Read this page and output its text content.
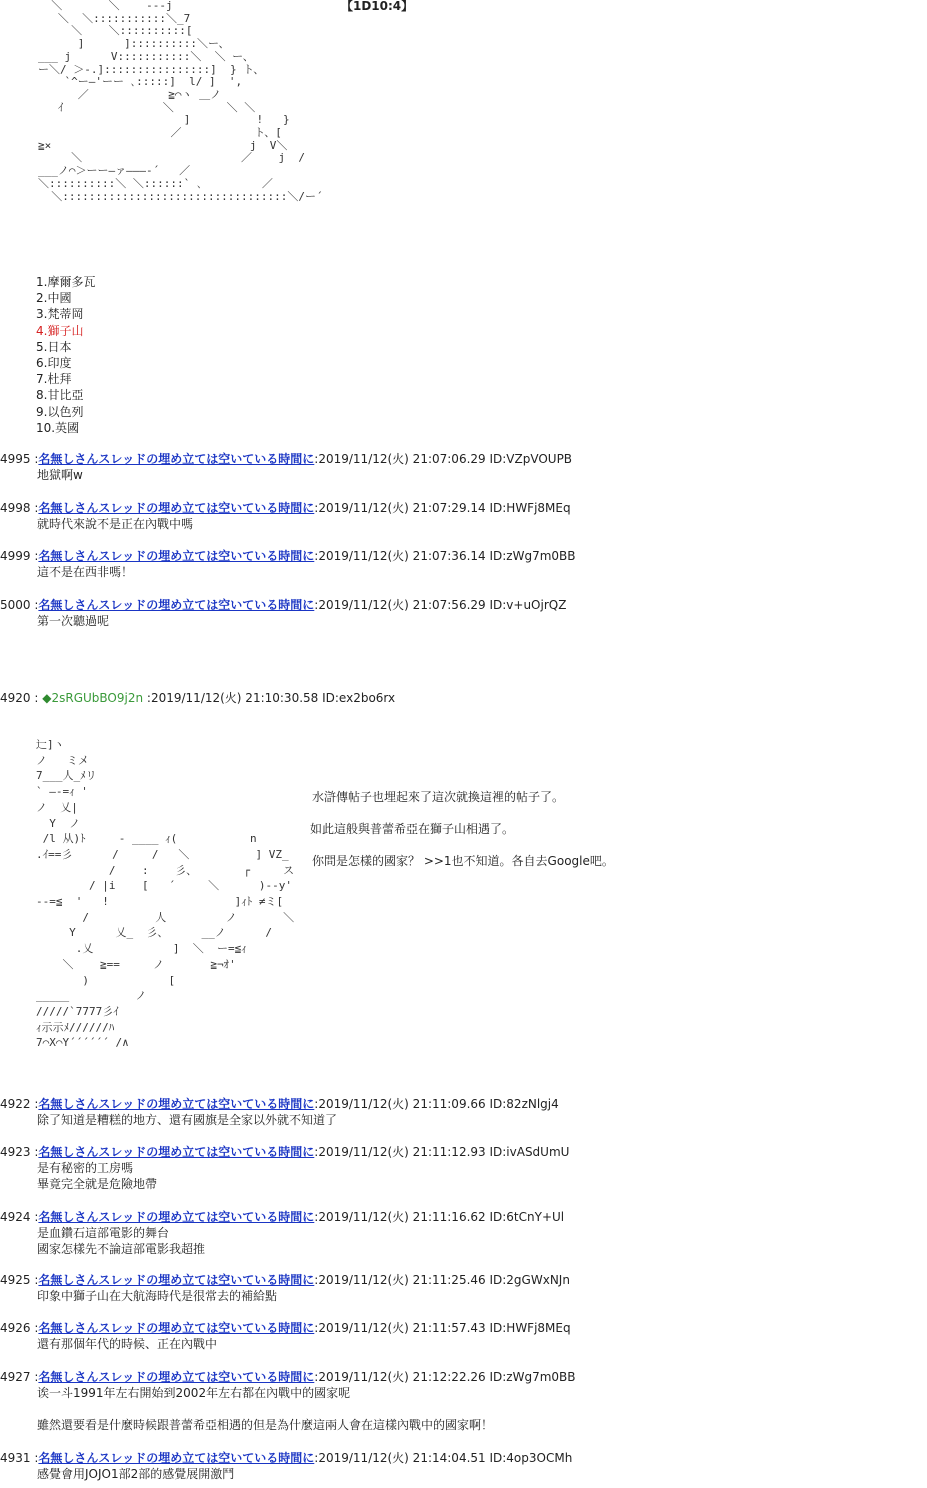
【1D10:4】
＼       ＼    ---j
＼  ＼:::::::::::＼_7
＼    ＼::::::::::[
]      ]::::::::::＼ー、
___ j      V:::::::::::＼  ＼ ー、
ー＼/ ＞-.]::::::::::::::::]  } ト、
`^ー―'ーー ､:::::]  l/ ]  ',
／            ≧⌒ヽ ＿ノ
ｲ               ＼        ＼ ＼
]          !   }
／           ト、[
≧×                              j  V＼
＼                        ／    j  /
___ノ⌒＞ーー―ァ―――‐´   ／
＼::::::::::＼ ＼::::::` ､         ／
＼::::::::::::::::::::::::::::::::::＼/ー´
1.摩爾多瓦
2.中國
3.梵蒂岡
4.獅子山
5.日本
6.印度
7.杜拜
8.甘比亞
9.以色列
10.英國
4995 :名無しさんスレッドの埋め立ては空いている時間に:2019/11/12(火) 21:07:06.29 ID:VZpVOUPB
地獄啊w
4998 :名無しさんスレッドの埋め立ては空いている時間に:2019/11/12(火) 21:07:29.14 ID:HWFj8MEq
就時代來說不是正在內戰中嗎
4999 :名無しさんスレッドの埋め立ては空いている時間に:2019/11/12(火) 21:07:36.14 ID:zWg7m0BB
這不是在西非嗎！
5000 :名無しさんスレッドの埋め立ては空いている時間に:2019/11/12(火) 21:07:56.29 ID:v+uOjrQZ
第一次聽過呢
4920 : ◆2sRGUbBO9j2n :2019/11/12(火) 21:10:30.58 ID:ex2bo6rx
辷]ヽ
ノ   ミメ
7___人_ﾒリ
` ―-=ｨ '
ノ  乂|
Y  ノ
/l 从)ﾄ     - ____ ｨ(           n
.ｲ==彡      /     /   ＼          ] VZ_
/    :    彡、       ┌     ス
/ |i    [   ´     ＼      )--y'
--=≦  '   !                   ]ｨﾄ ≠ミ[
/          人         ノ       ＼
Y      乂_  彡、     __ノ      /
.乂            ]  ＼  ー=≦ｨ
＼    ≧==     ノ       ≧¬ｵ'
)            [
_____          ノ
/////`7777彡ｲ
ｨ示示ﾒ//////ﾊ
7⌒X⌒Y´´´´´´ /∧

水滸傳帖子也埋起來了這次就換這裡的帖子了。

如此這般與普蕾希亞在獅子山相遇了。

你問是怎樣的國家？ >>1也不知道。各自去Google吧。

4922 :名無しさんスレッドの埋め立ては空いている時間に:2019/11/12(火) 21:11:09.66 ID:82zNlgj4
除了知道是糟糕的地方、還有國旗是全家以外就不知道了
4923 :名無しさんスレッドの埋め立ては空いている時間に:2019/11/12(火) 21:11:12.93 ID:ivASdUmU
是有秘密的工房嗎
畢竟完全就是危險地帶
4924 :名無しさんスレッドの埋め立ては空いている時間に:2019/11/12(火) 21:11:16.62 ID:6tCnY+Ul
是血鑽石這部電影的舞台
國家怎樣先不論這部電影我超推
4925 :名無しさんスレッドの埋め立ては空いている時間に:2019/11/12(火) 21:11:25.46 ID:2gGWxNJn
印象中獅子山在大航海時代是很常去的補給點
4926 :名無しさんスレッドの埋め立ては空いている時間に:2019/11/12(火) 21:11:57.43 ID:HWFj8MEq
還有那個年代的時候、正在內戰中
4927 :名無しさんスレッドの埋め立ては空いている時間に:2019/11/12(火) 21:12:22.26 ID:zWg7m0BB
诶一斗1991年左右開始到2002年左右都在內戰中的國家呢

雖然還要看是什麼時候跟普蕾希亞相遇的但是為什麼這兩人會在這樣內戰中的國家啊！
4931 :名無しさんスレッドの埋め立ては空いている時間に:2019/11/12(火) 21:14:04.51 ID:4op3OCMh
感覺會用JOJO1部2部的感覺展開激鬥
